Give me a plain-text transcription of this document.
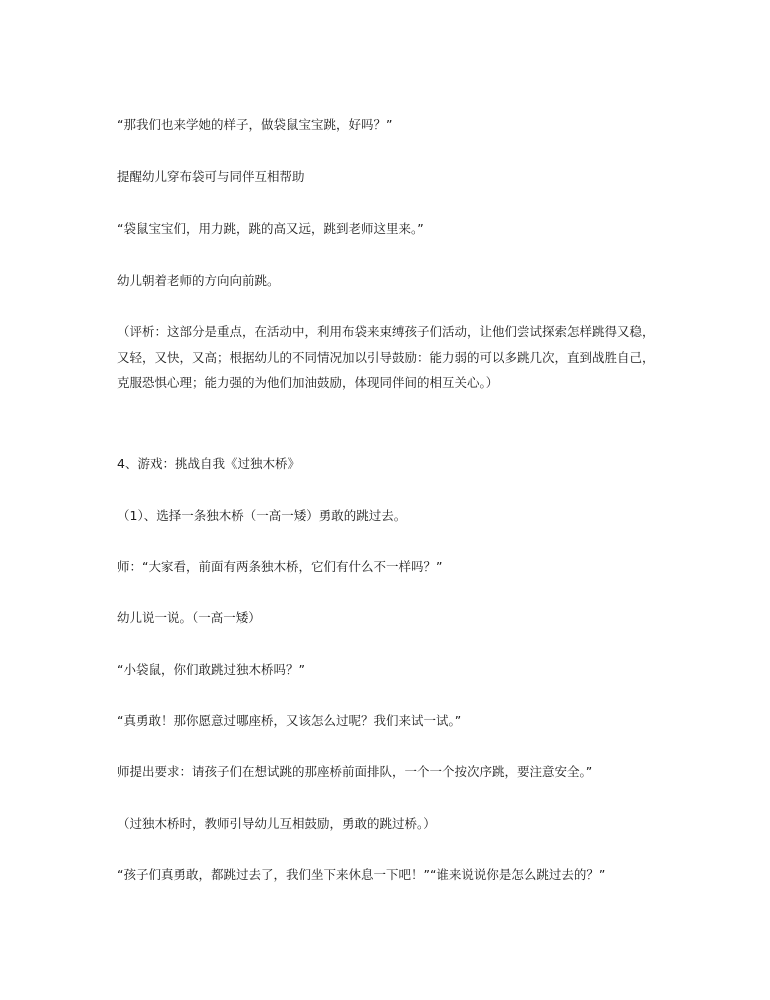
“那我们也来学她的样子，做袋鼠宝宝跳，好吗？”

提醒幼儿穿布袋可与同伴互相帮助

“袋鼠宝宝们，用力跳，跳的高又远，跳到老师这里来。”

幼儿朝着老师的方向向前跳。

（评析：这部分是重点，在活动中，利用布袋来束缚孩子们活动，让他们尝试探索怎样跳得又稳，又轻，又快，又高；根据幼儿的不同情况加以引导鼓励：能力弱的可以多跳几次，直到战胜自己，克服恐惧心理；能力强的为他们加油鼓励，体现同伴间的相互关心。）

4、游戏：挑战自我《过独木桥》

（1）、选择一条独木桥（一高一矮）勇敢的跳过去。

师：“大家看，前面有两条独木桥，它们有什么不一样吗？”

幼儿说一说。（一高一矮）

“小袋鼠，你们敢跳过独木桥吗？”

“真勇敢！那你愿意过哪座桥，又该怎么过呢？我们来试一试。”

师提出要求：请孩子们在想试跳的那座桥前面排队，一个一个按次序跳，要注意安全。”

（过独木桥时，教师引导幼儿互相鼓励，勇敢的跳过桥。）

“孩子们真勇敢，都跳过去了，我们坐下来休息一下吧！”“谁来说说你是怎么跳过去的？”
